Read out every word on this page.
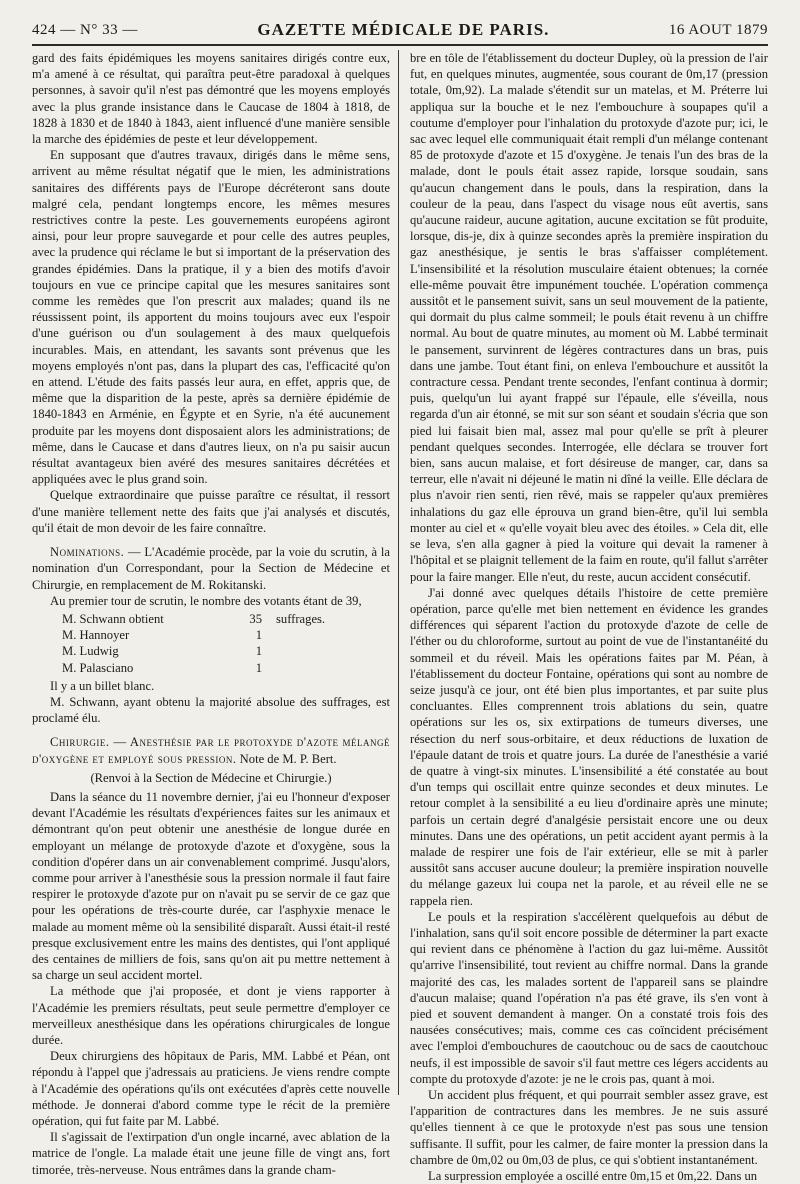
424 — N° 33 —	GAZETTE MÉDICALE DE PARIS.	16 AOUT 1879

gard des faits épidémiques les moyens sanitaires dirigés contre eux, m'a amené à ce résultat, qui paraîtra peut-être paradoxal à quelques personnes, à savoir qu'il n'est pas démontré que les moyens employés avec la plus grande insistance dans le Caucase de 1804 à 1818, de 1828 à 1830 et de 1840 à 1843, aient influencé d'une manière sensible la marche des épidémies de peste et leur développement.

En supposant que d'autres travaux, dirigés dans le même sens, arrivent au même résultat négatif que le mien, les administrations sanitaires des différents pays de l'Europe décréteront sans doute malgré cela, pendant longtemps encore, les mêmes mesures restrictives contre la peste. Les gouvernements européens agiront ainsi, pour leur propre sauvegarde et pour celle des autres peuples, avec la prudence qui réclame le but si important de la préservation des grandes épidémies. Dans la pratique, il y a bien des motifs d'avoir toujours en vue ce principe capital que les mesures sanitaires sont comme les remèdes que l'on prescrit aux malades; quand ils ne réussissent point, ils apportent du moins toujours avec eux l'espoir d'une guérison ou d'un soulagement à des maux quelquefois incurables. Mais, en attendant, les savants sont prévenus que les moyens employés n'ont pas, dans la plupart des cas, l'efficacité qu'on en attend. L'étude des faits passés leur aura, en effet, appris que, de même que la disparition de la peste, après sa dernière épidémie de 1840-1843 en Arménie, en Égypte et en Syrie, n'a été aucunement produite par les moyens dont disposaient alors les administrations; de même, dans le Caucase et dans d'autres lieux, on n'a pu saisir aucun résultat avantageux bien avéré des mesures sanitaires décrétées et appliquées avec le plus grand soin.

Quelque extraordinaire que puisse paraître ce résultat, il ressort d'une manière tellement nette des faits que j'ai analysés et discutés, qu'il était de mon devoir de les faire connaître.

Nominations. — L'Académie procède, par la voie du scrutin, à la nomination d'un Correspondant, pour la Section de Médecine et Chirurgie, en remplacement de M. Rokitanski.

Au premier tour de scrutin, le nombre des votants étant de 39,

M. Schwann obtient	35 suffrages.
M. Hannoyer	1
M. Ludwig	1
M. Palasciano	1

Il y a un billet blanc.

M. Schwann, ayant obtenu la majorité absolue des suffrages, est proclamé élu.

Chirurgie. — Anesthésie par le protoxyde d'azote mélangé d'oxygène et employé sous pression. Note de M. P. Bert.

(Renvoi à la Section de Médecine et Chirurgie.)

Dans la séance du 11 novembre dernier, j'ai eu l'honneur d'exposer devant l'Académie les résultats d'expériences faites sur les animaux et démontrant qu'on peut obtenir une anesthésie de longue durée en employant un mélange de protoxyde d'azote et d'oxygène, sous la condition d'opérer dans un air convenablement comprimé. Jusqu'alors, comme pour arriver à l'anesthésie sous la pression normale il faut faire respirer le protoxyde d'azote pur on n'avait pu se servir de ce gaz que pour les opérations de très-courte durée, car l'asphyxie menace le malade au moment même où la sensibilité disparaît. Aussi était-il resté presque exclusivement entre les mains des dentistes, qui l'ont appliqué des centaines de milliers de fois, sans qu'on ait pu mettre nettement à sa charge un seul accident mortel.

La méthode que j'ai proposée, et dont je viens rapporter à l'Académie les premiers résultats, peut seule permettre d'employer ce merveilleux anesthésique dans les opérations chirurgicales de longue durée.

Deux chirurgiens des hôpitaux de Paris, MM. Labbé et Péan, ont répondu à l'appel que j'adressais au praticiens. Je viens rendre compte à l'Académie des opérations qu'ils ont exécutées d'après cette nouvelle méthode. Je donnerai d'abord comme type le récit de la première opération, qui fut faite par M. Labbé.

Il s'agissait de l'extirpation d'un ongle incarné, avec ablation de la matrice de l'ongle. La malade était une jeune fille de vingt ans, fort timorée, très-nerveuse. Nous entrâmes dans la grande cham-

bre en tôle de l'établissement du docteur Dupley, où la pression de l'air fut, en quelques minutes, augmentée, sous courant de 0m,17 (pression totale, 0m,92). La malade s'étendit sur un matelas, et M. Préterre lui appliqua sur la bouche et le nez l'embouchure à soupapes qu'il a coutume d'employer pour l'inhalation du protoxyde d'azote pur; ici, le sac avec lequel elle communiquait était rempli d'un mélange contenant 85 de protoxyde d'azote et 15 d'oxygène. Je tenais l'un des bras de la malade, dont le pouls était assez rapide, lorsque soudain, sans qu'aucun changement dans le pouls, dans la respiration, dans la couleur de la peau, dans l'aspect du visage nous eût avertis, sans qu'aucune raideur, aucune agitation, aucune excitation se fût produite, lorsque, dis-je, dix à quinze secondes après la première inspiration du gaz anesthésique, je sentis le bras s'affaisser complétement. L'insensibilité et la résolution musculaire étaient obtenues; la cornée elle-même pouvait être impunément touchée. L'opération commença aussitôt et le pansement suivit, sans un seul mouvement de la patiente, qui dormait du plus calme sommeil; le pouls était revenu à un chiffre normal. Au bout de quatre minutes, au moment où M. Labbé terminait le pansement, survinrent de légères contractures dans un bras, puis dans une jambe. Tout étant fini, on enleva l'embouchure et aussitôt la contracture cessa. Pendant trente secondes, l'enfant continua à dormir; puis, quelqu'un lui ayant frappé sur l'épaule, elle s'éveilla, nous regarda d'un air étonné, se mit sur son séant et soudain s'écria que son pied lui faisait bien mal, assez mal pour qu'elle se prît à pleurer pendant quelques secondes. Interrogée, elle déclara se trouver fort bien, sans aucun malaise, et fort désireuse de manger, car, dans sa terreur, elle n'avait ni déjeuné le matin ni dîné la veille. Elle déclara de plus n'avoir rien senti, rien rêvé, mais se rappeler qu'aux premières inhalations du gaz elle éprouva un grand bien-être, qu'il lui sembla monter au ciel et « qu'elle voyait bleu avec des étoiles. » Cela dit, elle se leva, s'en alla gagner à pied la voiture qui devait la ramener à l'hôpital et se plaignit tellement de la faim en route, qu'il fallut s'arrêter pour la faire manger. Elle n'eut, du reste, aucun accident consécutif.

J'ai donné avec quelques détails l'histoire de cette première opération, parce qu'elle met bien nettement en évidence les grandes différences qui séparent l'action du protoxyde d'azote de celle de l'éther ou du chloroforme, surtout au point de vue de l'instantanéité du sommeil et du réveil. Mais les opérations faites par M. Péan, à l'établissement du docteur Fontaine, opérations qui sont au nombre de seize jusqu'à ce jour, ont été bien plus importantes, et par suite plus concluantes. Elles comprennent trois ablations du sein, quatre opérations sur les os, six extirpations de tumeurs diverses, une résection du nerf sous-orbitaire, et deux réductions de luxation de l'épaule datant de trois et quatre jours. La durée de l'anesthésie a varié de quatre à vingt-six minutes. L'insensibilité a été constatée au bout d'un temps qui oscillait entre quinze secondes et deux minutes. Le retour complet à la sensibilité a eu lieu d'ordinaire après une minute; parfois un certain degré d'analgésie persistait encore une ou deux minutes. Dans une des opérations, un petit accident ayant permis à la malade de respirer une fois de l'air extérieur, elle se mit à parler aussitôt sans accuser aucune douleur; la première inspiration nouvelle du mélange gazeux lui coupa net la parole, et au réveil elle ne se rappela rien.

Le pouls et la respiration s'accélèrent quelquefois au début de l'inhalation, sans qu'il soit encore possible de déterminer la part exacte qui revient dans ce phénomène à l'action du gaz lui-même. Aussitôt qu'arrive l'insensibilité, tout revient au chiffre normal. Dans la grande majorité des cas, les malades sortent de l'appareil sans se plaindre d'aucun malaise; quand l'opération n'a pas été grave, ils s'en vont à pied et souvent demandent à manger. On a constaté trois fois des nausées consécutives; mais, comme ces cas coïncident précisément avec l'emploi d'embouchures de caoutchouc ou de sacs de caoutchouc neufs, il est impossible de savoir s'il faut mettre ces légers accidents au compte du protoxyde d'azote: je ne le crois pas, quant à moi.

Un accident plus fréquent, et qui pourrait sembler assez grave, est l'apparition de contractures dans les membres. Je ne suis assuré qu'elles tiennent à ce que le protoxyde n'est pas sous une tension suffisante. Il suffit, pour les calmer, de faire monter la pression dans la chambre de 0m,02 ou 0m,03 de plus, ce qui s'obtient instantanément.

La surpression employée a oscillé entre 0m,15 et 0m,22. Dans un
